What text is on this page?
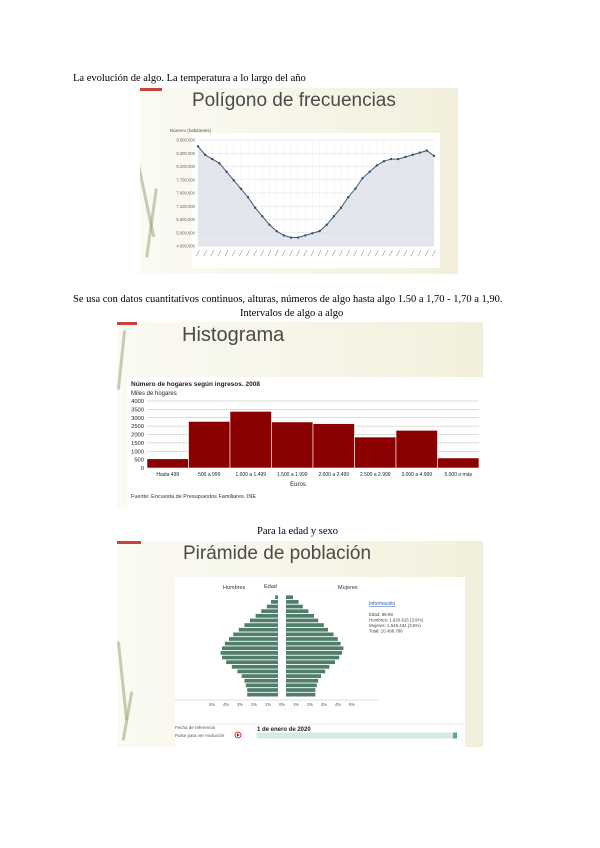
La evolución de algo. La temperatura a lo largo del año
Se usa con datos cuantitativos continuos, alturas, números de algo hasta algo 1.50 a 1,70 - 1,70 a 1,90.
Intervalos de algo a algo
Para la edad y sexo
Polígono de frecuencias
Número (habitantes)
9.600.000
9.300.000
8.200.000
7.700.000
7.600.000
7.100.000
5.500.000
5.000.000
4.600.000
Histograma
Número de hogares según ingresos. 2008
Miles de hogares
0
500
1000
1500
2000
2500
3000
3500
4000
Hasta 499	500 a 999	1.000 a 1.499 1.500 a 1.999 2.000 a 2.499 2.500 a 2.999 3.000 a 4.999 5.000 o más
Euros
Fuente: Encuesta de Presupuestos Familiares. INE
Pirámide de población
Hombres	Edad	Mujeres
5% 4% 3% 2% 1% 0% 1% 2% 3% 4% 5%
Información
Edad: 85-89
Hombres: 1.820.615 (3,9%)
Mujeres: 1.646.434 (3,5%)
Total: 10.496.786
Fecha de referencia	1 de enero de 2020
Pulse para ver evolución
